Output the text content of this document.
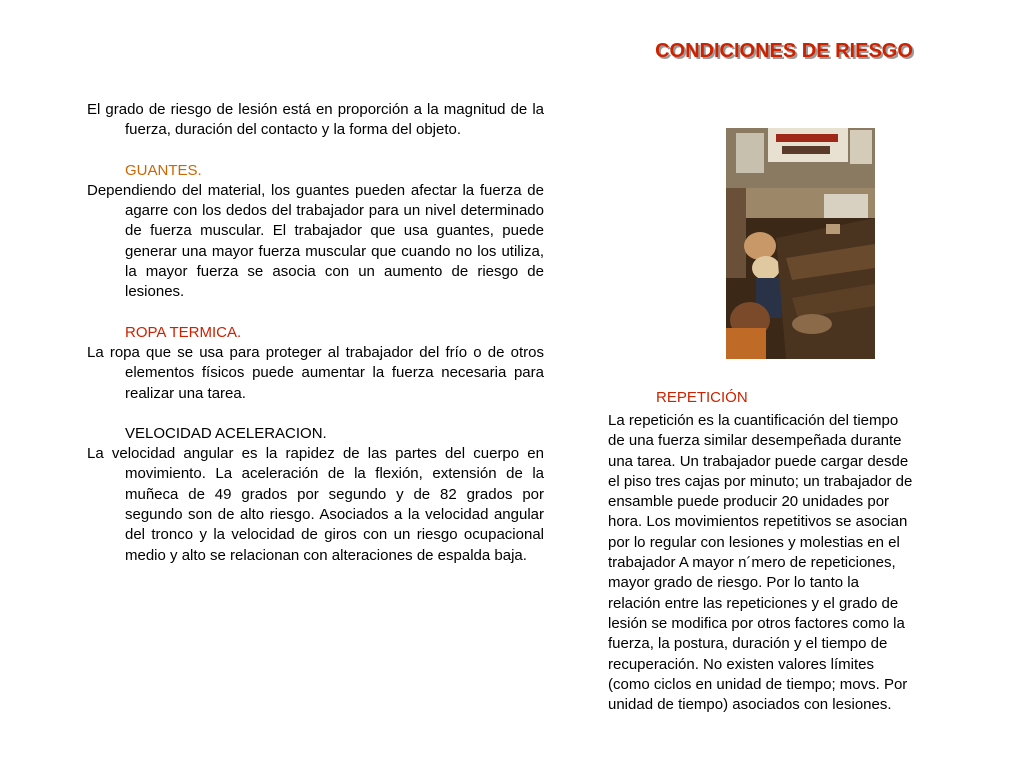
CONDICIONES DE RIESGO

El grado de riesgo de lesión está en proporción a la magnitud de la fuerza, duración del contacto y la forma del objeto.

GUANTES.

Dependiendo del material, los guantes pueden afectar la fuerza de agarre con los dedos del trabajador para un nivel determinado de fuerza muscular. El trabajador que usa guantes, puede generar una mayor fuerza muscular que cuando no los utiliza, la mayor fuerza se asocia con un aumento de riesgo de lesiones.

ROPA TERMICA.

La ropa que se usa para proteger al trabajador del frío o de otros elementos físicos puede aumentar la fuerza necesaria para realizar una tarea.

VELOCIDAD ACELERACION.

La velocidad angular es la rapidez de las partes del cuerpo en movimiento. La aceleración de la flexión, extensión de la muñeca de 49 grados por segundo y de 82 grados por segundo son de alto riesgo. Asociados a la velocidad angular del tronco y la velocidad de giros con un riesgo ocupacional medio y alto se relacionan con alteraciones de espalda baja.

REPETICIÓN
La repetición es la cuantificación del tiempo
de una fuerza similar desempeñada durante
una tarea. Un trabajador puede cargar desde
el piso tres cajas por minuto; un trabajador de
ensamble puede producir 20 unidades por
hora. Los movimientos repetitivos se asocian
por lo regular con lesiones y molestias en el
trabajador A mayor n´mero de repeticiones,
mayor grado de riesgo. Por lo tanto la
relación entre las repeticiones y el grado de
lesión se modifica por otros factores como la
fuerza, la postura, duración y el tiempo de
recuperación. No existen valores límites
(como ciclos en unidad de tiempo; movs. Por
unidad de tiempo) asociados con lesiones.
